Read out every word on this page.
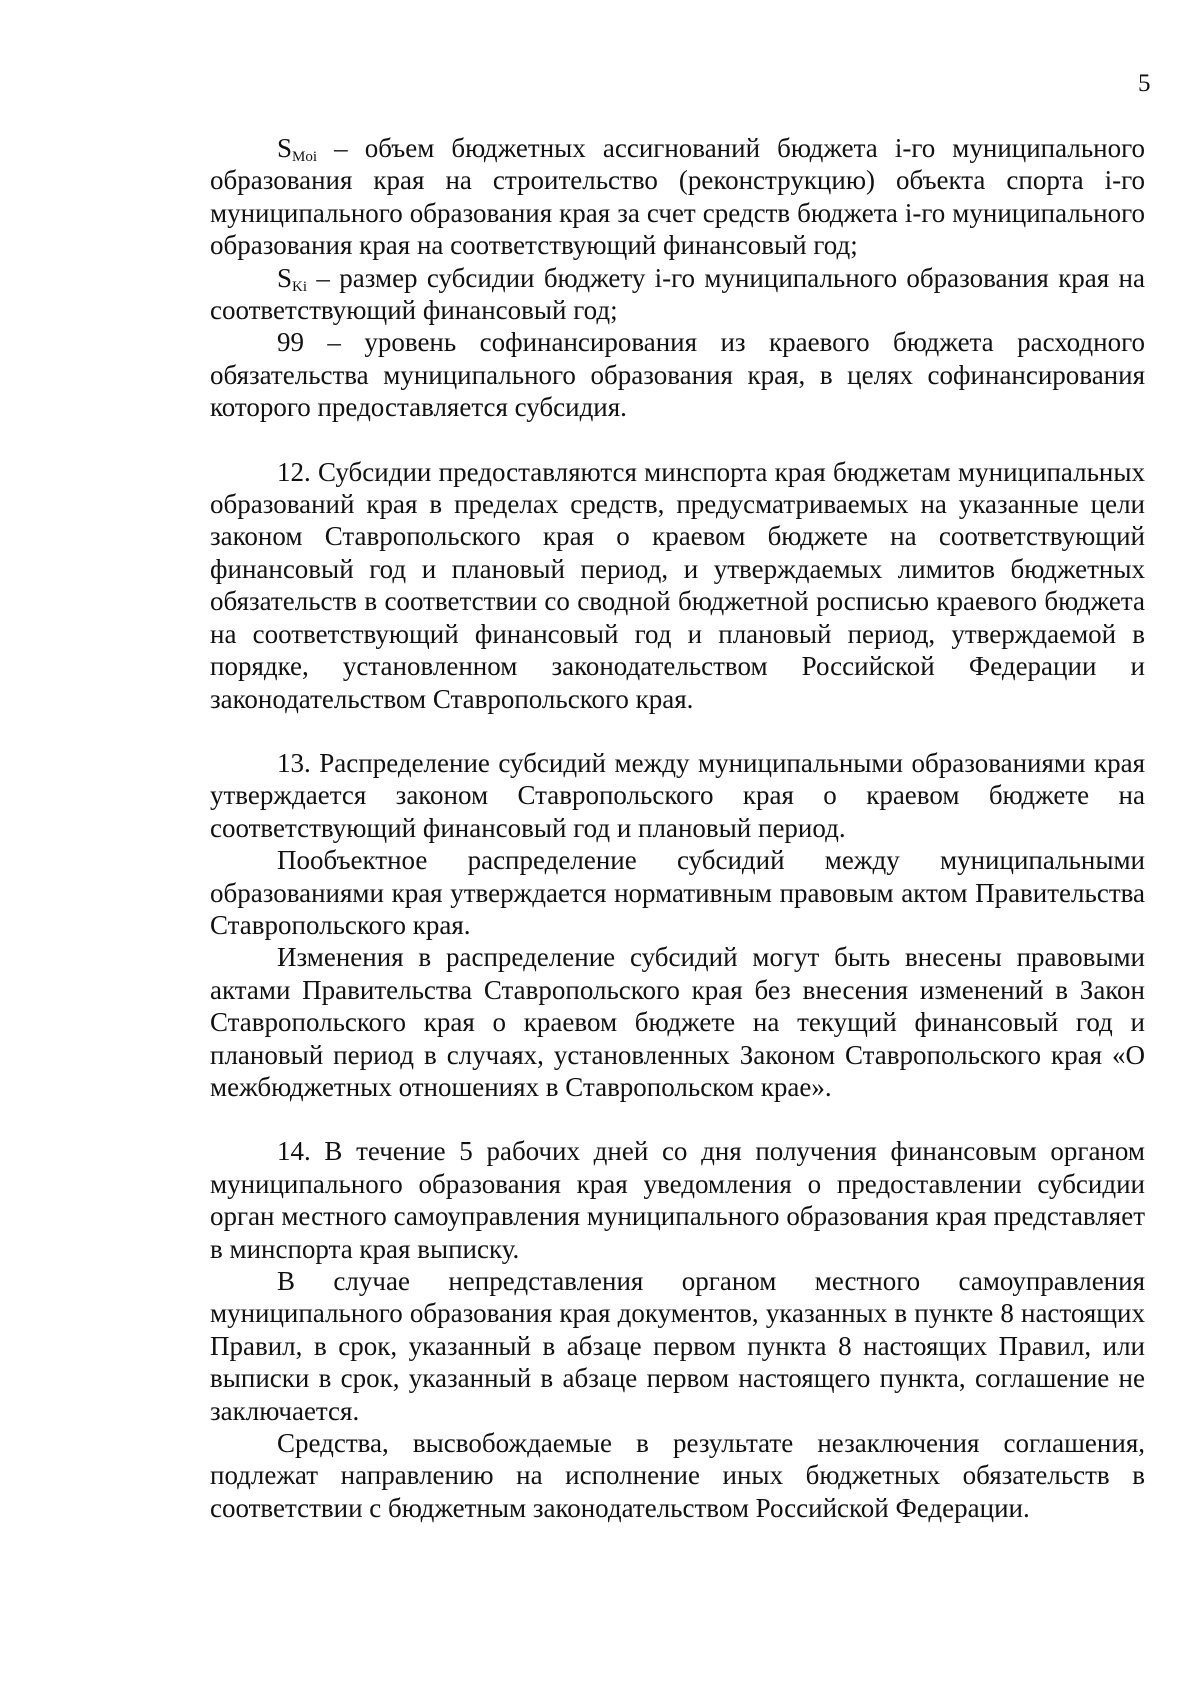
5

$S_{Moi}$ – объем бюджетных ассигнований бюджета i-го муниципального образования края на строительство (реконструкцию) объекта спорта i-го муниципального образования края за счет средств бюджета i-го муниципального образования края на соответствующий финансовый год;

$S_{Ki}$ – размер субсидии бюджету i-го муниципального образования края на соответствующий финансовый год;

99 – уровень софинансирования из краевого бюджета расходного обязательства муниципального образования края, в целях софинансирования которого предоставляется субсидия.

12. Субсидии предоставляются минспорта края бюджетам муниципальных образований края в пределах средств, предусматриваемых на указанные цели законом Ставропольского края о краевом бюджете на соответствующий финансовый год и плановый период, и утверждаемых лимитов бюджетных обязательств в соответствии со сводной бюджетной росписью краевого бюджета на соответствующий финансовый год и плановый период, утверждаемой в порядке, установленном законодательством Российской Федерации и законодательством Ставропольского края.

13. Распределение субсидий между муниципальными образованиями края утверждается законом Ставропольского края о краевом бюджете на соответствующий финансовый год и плановый период.

Пообъектное распределение субсидий между муниципальными образованиями края утверждается нормативным правовым актом Правительства Ставропольского края.

Изменения в распределение субсидий могут быть внесены правовыми актами Правительства Ставропольского края без внесения изменений в Закон Ставропольского края о краевом бюджете на текущий финансовый год и плановый период в случаях, установленных Законом Ставропольского края «О межбюджетных отношениях в Ставропольском крае».

14. В течение 5 рабочих дней со дня получения финансовым органом муниципального образования края уведомления о предоставлении субсидии орган местного самоуправления муниципального образования края представляет в минспорта края выписку.

В случае непредставления органом местного самоуправления муниципального образования края документов, указанных в пункте 8 настоящих Правил, в срок, указанный в абзаце первом пункта 8 настоящих Правил, или выписки в срок, указанный в абзаце первом настоящего пункта, соглашение не заключается.

Средства, высвобождаемые в результате незаключения соглашения, подлежат направлению на исполнение иных бюджетных обязательств в соответствии с бюджетным законодательством Российской Федерации.
